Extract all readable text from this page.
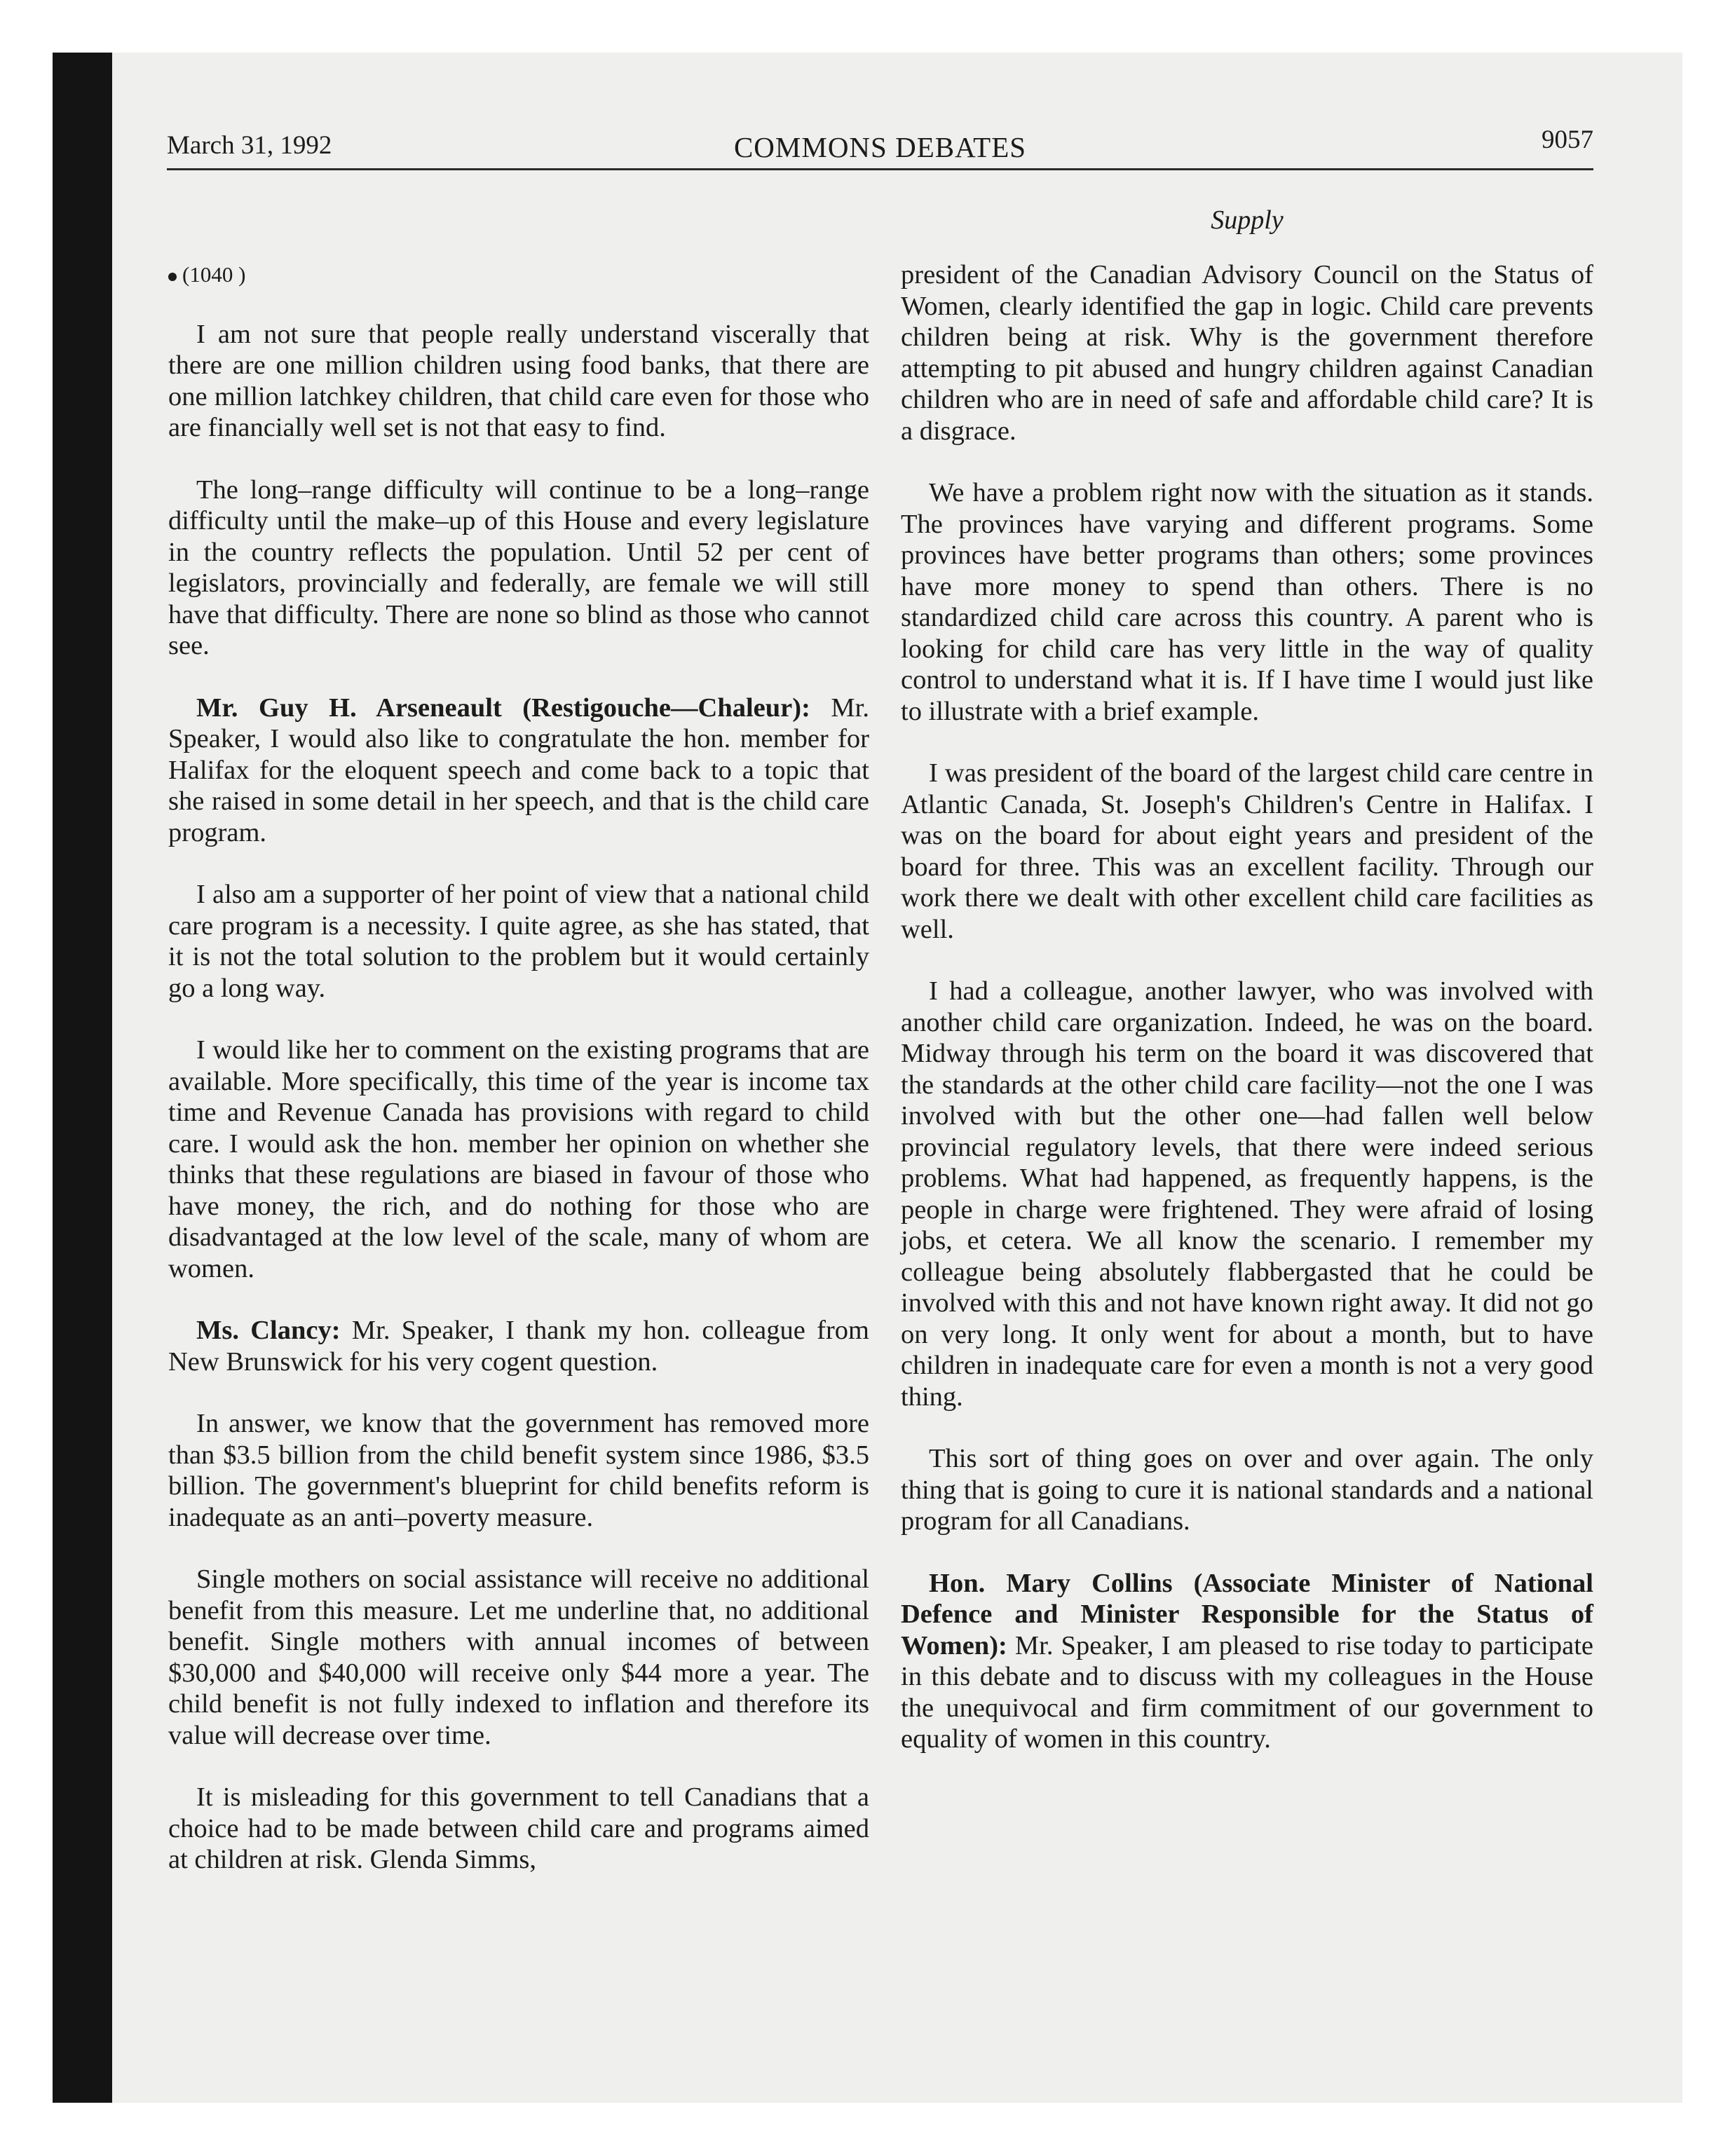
March 31, 1992	COMMONS DEBATES	9057
Supply
(1040 )

I am not sure that people really understand viscerally that there are one million children using food banks, that there are one million latchkey children, that child care even for those who are financially well set is not that easy to find.

The long–range difficulty will continue to be a long–range difficulty until the make–up of this House and every legislature in the country reflects the population. Until 52 per cent of legislators, provincially and federally, are female we will still have that difficulty. There are none so blind as those who cannot see.

Mr. Guy H. Arseneault (Restigouche—Chaleur): Mr. Speaker, I would also like to congratulate the hon. member for Halifax for the eloquent speech and come back to a topic that she raised in some detail in her speech, and that is the child care program.

I also am a supporter of her point of view that a national child care program is a necessity. I quite agree, as she has stated, that it is not the total solution to the problem but it would certainly go a long way.

I would like her to comment on the existing programs that are available. More specifically, this time of the year is income tax time and Revenue Canada has provisions with regard to child care. I would ask the hon. member her opinion on whether she thinks that these regulations are biased in favour of those who have money, the rich, and do nothing for those who are disadvantaged at the low level of the scale, many of whom are women.

Ms. Clancy: Mr. Speaker, I thank my hon. colleague from New Brunswick for his very cogent question.

In answer, we know that the government has removed more than $3.5 billion from the child benefit system since 1986, $3.5 billion. The government's blueprint for child benefits reform is inadequate as an anti–poverty measure.

Single mothers on social assistance will receive no additional benefit from this measure. Let me underline that, no additional benefit. Single mothers with annual incomes of between $30,000 and $40,000 will receive only $44 more a year. The child benefit is not fully indexed to inflation and therefore its value will decrease over time.

It is misleading for this government to tell Canadians that a choice had to be made between child care and programs aimed at children at risk. Glenda Simms,

president of the Canadian Advisory Council on the Status of Women, clearly identified the gap in logic. Child care prevents children being at risk. Why is the government therefore attempting to pit abused and hungry children against Canadian children who are in need of safe and affordable child care? It is a disgrace.

We have a problem right now with the situation as it stands. The provinces have varying and different programs. Some provinces have better programs than others; some provinces have more money to spend than others. There is no standardized child care across this country. A parent who is looking for child care has very little in the way of quality control to understand what it is. If I have time I would just like to illustrate with a brief example.

I was president of the board of the largest child care centre in Atlantic Canada, St. Joseph's Children's Centre in Halifax. I was on the board for about eight years and president of the board for three. This was an excellent facility. Through our work there we dealt with other excellent child care facilities as well.

I had a colleague, another lawyer, who was involved with another child care organization. Indeed, he was on the board. Midway through his term on the board it was discovered that the standards at the other child care facility—not the one I was involved with but the other one—had fallen well below provincial regulatory levels, that there were indeed serious problems. What had happened, as frequently happens, is the people in charge were frightened. They were afraid of losing jobs, et cetera. We all know the scenario. I remember my colleague being absolutely flabbergasted that he could be involved with this and not have known right away. It did not go on very long. It only went for about a month, but to have children in inadequate care for even a month is not a very good thing.

This sort of thing goes on over and over again. The only thing that is going to cure it is national standards and a national program for all Canadians.

Hon. Mary Collins (Associate Minister of National Defence and Minister Responsible for the Status of Women): Mr. Speaker, I am pleased to rise today to participate in this debate and to discuss with my colleagues in the House the unequivocal and firm commitment of our government to equality of women in this country.
